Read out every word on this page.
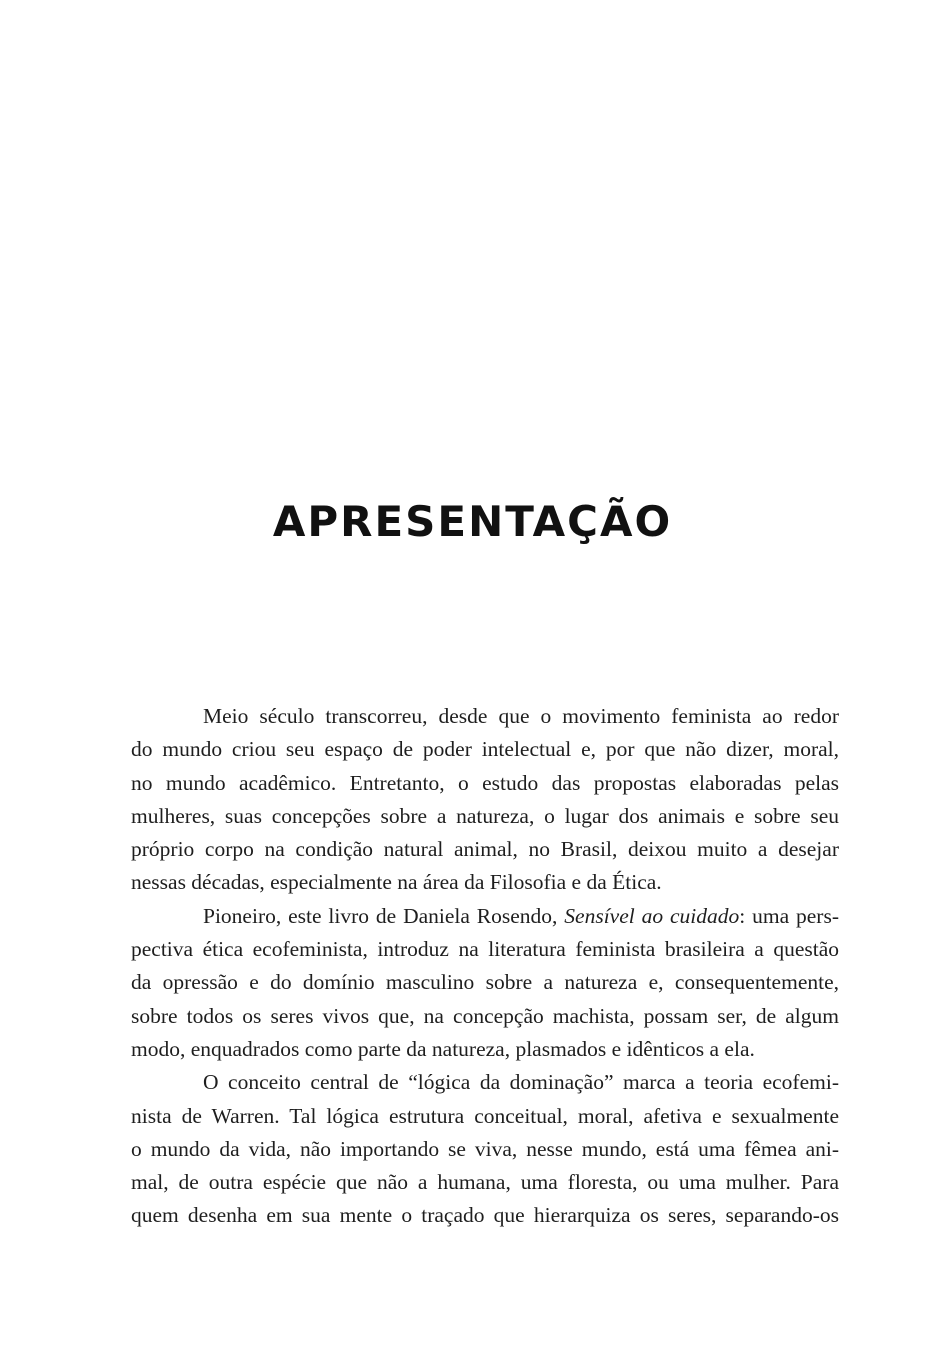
APRESENTAÇÃO
Meio século transcorreu, desde que o movimento feminista ao redor
do mundo criou seu espaço de poder intelectual e, por que não dizer, moral,
no mundo acadêmico. Entretanto, o estudo das propostas elaboradas pelas
mulheres, suas concepções sobre a natureza, o lugar dos animais e sobre seu
próprio corpo na condição natural animal, no Brasil, deixou muito a desejar
nessas décadas, especialmente na área da Filosofia e da Ética.
Pioneiro, este livro de Daniela Rosendo, Sensível ao cuidado: uma pers-
pectiva ética ecofeminista, introduz na literatura feminista brasileira a questão
da opressão e do domínio masculino sobre a natureza e, consequentemente,
sobre todos os seres vivos que, na concepção machista, possam ser, de algum
modo, enquadrados como parte da natureza, plasmados e idênticos a ela.
O conceito central de “lógica da dominação” marca a teoria ecofemi-
nista de Warren. Tal lógica estrutura conceitual, moral, afetiva e sexualmente
o mundo da vida, não importando se viva, nesse mundo, está uma fêmea ani-
mal, de outra espécie que não a humana, uma floresta, ou uma mulher. Para
quem desenha em sua mente o traçado que hierarquiza os seres, separando-os
